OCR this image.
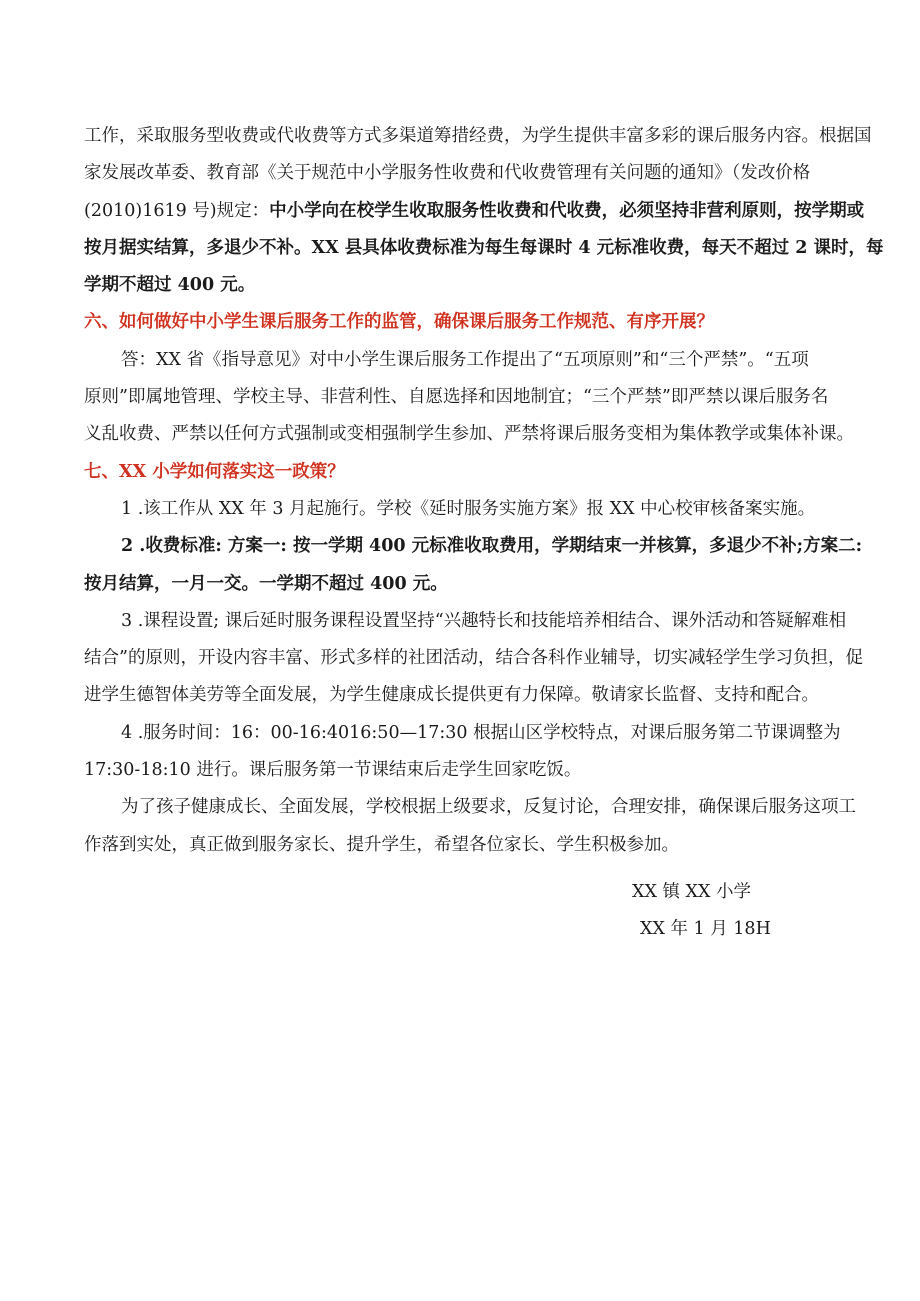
工作，采取服务型收费或代收费等方式多渠道筹措经费，为学生提供丰富多彩的课后服务内容。根据国
家发展改革委、教育部《关于规范中小学服务性收费和代收费管理有关问题的通知》（发改价格
(2010)1619 号)规定：中小学向在校学生收取服务性收费和代收费，必须坚持非营利原则，按学期或
按月据实结算，多退少不补。XX 县具体收费标准为每生每课时 4 元标准收费，每天不超过 2 课时，每
学期不超过 400 元。
六、如何做好中小学生课后服务工作的监管，确保课后服务工作规范、有序开展？
答：XX 省《指导意见》对中小学生课后服务工作提出了“五项原则”和“三个严禁”。“五项
原则”即属地管理、学校主导、非营利性、自愿选择和因地制宜；“三个严禁”即严禁以课后服务名
义乱收费、严禁以任何方式强制或变相强制学生参加、严禁将课后服务变相为集体教学或集体补课。
七、XX 小学如何落实这一政策？
1 .该工作从 XX 年 3 月起施行。学校《延时服务实施方案》报 XX 中心校审核备案实施。
2 .收费标准: 方案一: 按一学期 400 元标准收取费用，学期结束一并核算，多退少不补;方案二:
按月结算，一月一交。一学期不超过 400 元。
3 .课程设置; 课后延时服务课程设置坚持“兴趣特长和技能培养相结合、课外活动和答疑解难相
结合”的原则，开设内容丰富、形式多样的社团活动，结合各科作业辅导，切实减轻学生学习负担，促
进学生德智体美劳等全面发展，为学生健康成长提供更有力保障。敬请家长监督、支持和配合。
4 .服务时间：16：00-16:4016:50—17:30 根据山区学校特点，对课后服务第二节课调整为
17:30-18:10 进行。课后服务第一节课结束后走学生回家吃饭。
为了孩子健康成长、全面发展，学校根据上级要求，反复讨论，合理安排，确保课后服务这项工
作落到实处，真正做到服务家长、提升学生，希望各位家长、学生积极参加。
XX 镇 XX 小学
XX 年 1 月 18H
